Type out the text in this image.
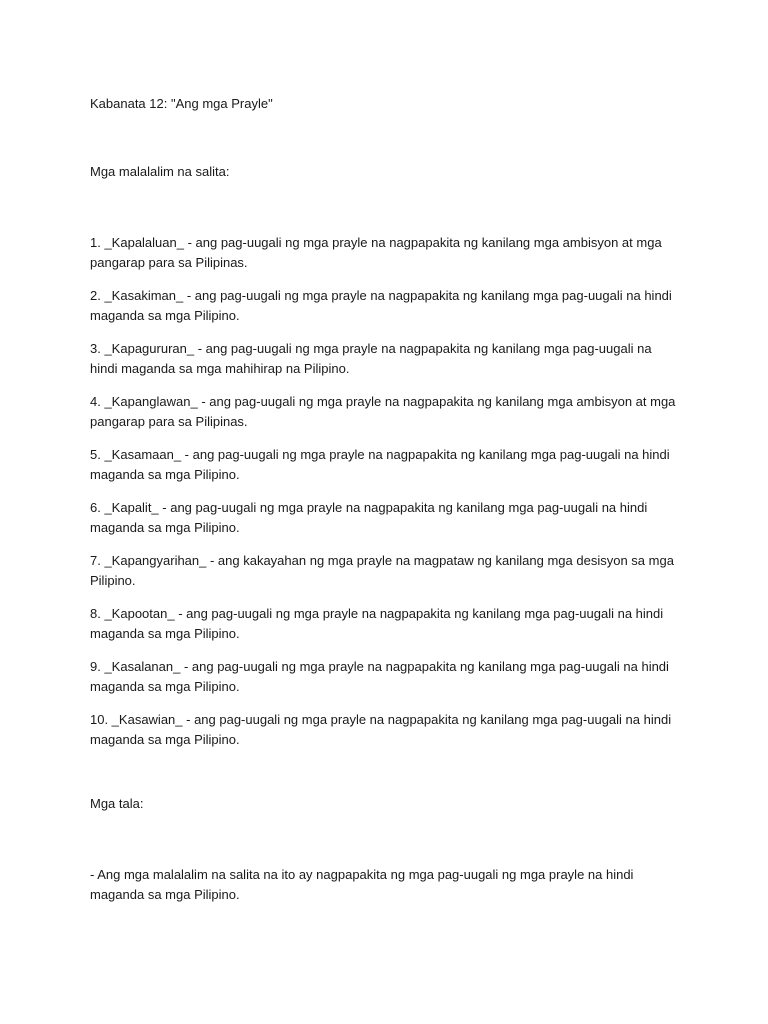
Kabanata 12: "Ang mga Prayle"

Mga malalalim na salita:

1. _Kapalaluan_ - ang pag-uugali ng mga prayle na nagpapakita ng kanilang mga ambisyon at mga pangarap para sa Pilipinas.
2. _Kasakiman_ - ang pag-uugali ng mga prayle na nagpapakita ng kanilang mga pag-uugali na hindi maganda sa mga Pilipino.
3. _Kapagururan_ - ang pag-uugali ng mga prayle na nagpapakita ng kanilang mga pag-uugali na hindi maganda sa mga mahihirap na Pilipino.
4. _Kapanglawan_ - ang pag-uugali ng mga prayle na nagpapakita ng kanilang mga ambisyon at mga pangarap para sa Pilipinas.
5. _Kasamaan_ - ang pag-uugali ng mga prayle na nagpapakita ng kanilang mga pag-uugali na hindi maganda sa mga Pilipino.
6. _Kapalit_ - ang pag-uugali ng mga prayle na nagpapakita ng kanilang mga pag-uugali na hindi maganda sa mga Pilipino.
7. _Kapangyarihan_ - ang kakayahan ng mga prayle na magpataw ng kanilang mga desisyon sa mga Pilipino.
8. _Kapootan_ - ang pag-uugali ng mga prayle na nagpapakita ng kanilang mga pag-uugali na hindi maganda sa mga Pilipino.
9. _Kasalanan_ - ang pag-uugali ng mga prayle na nagpapakita ng kanilang mga pag-uugali na hindi maganda sa mga Pilipino.
10. _Kasawian_ - ang pag-uugali ng mga prayle na nagpapakita ng kanilang mga pag-uugali na hindi maganda sa mga Pilipino.

Mga tala:

- Ang mga malalalim na salita na ito ay nagpapakita ng mga pag-uugali ng mga prayle na hindi maganda sa mga Pilipino.
